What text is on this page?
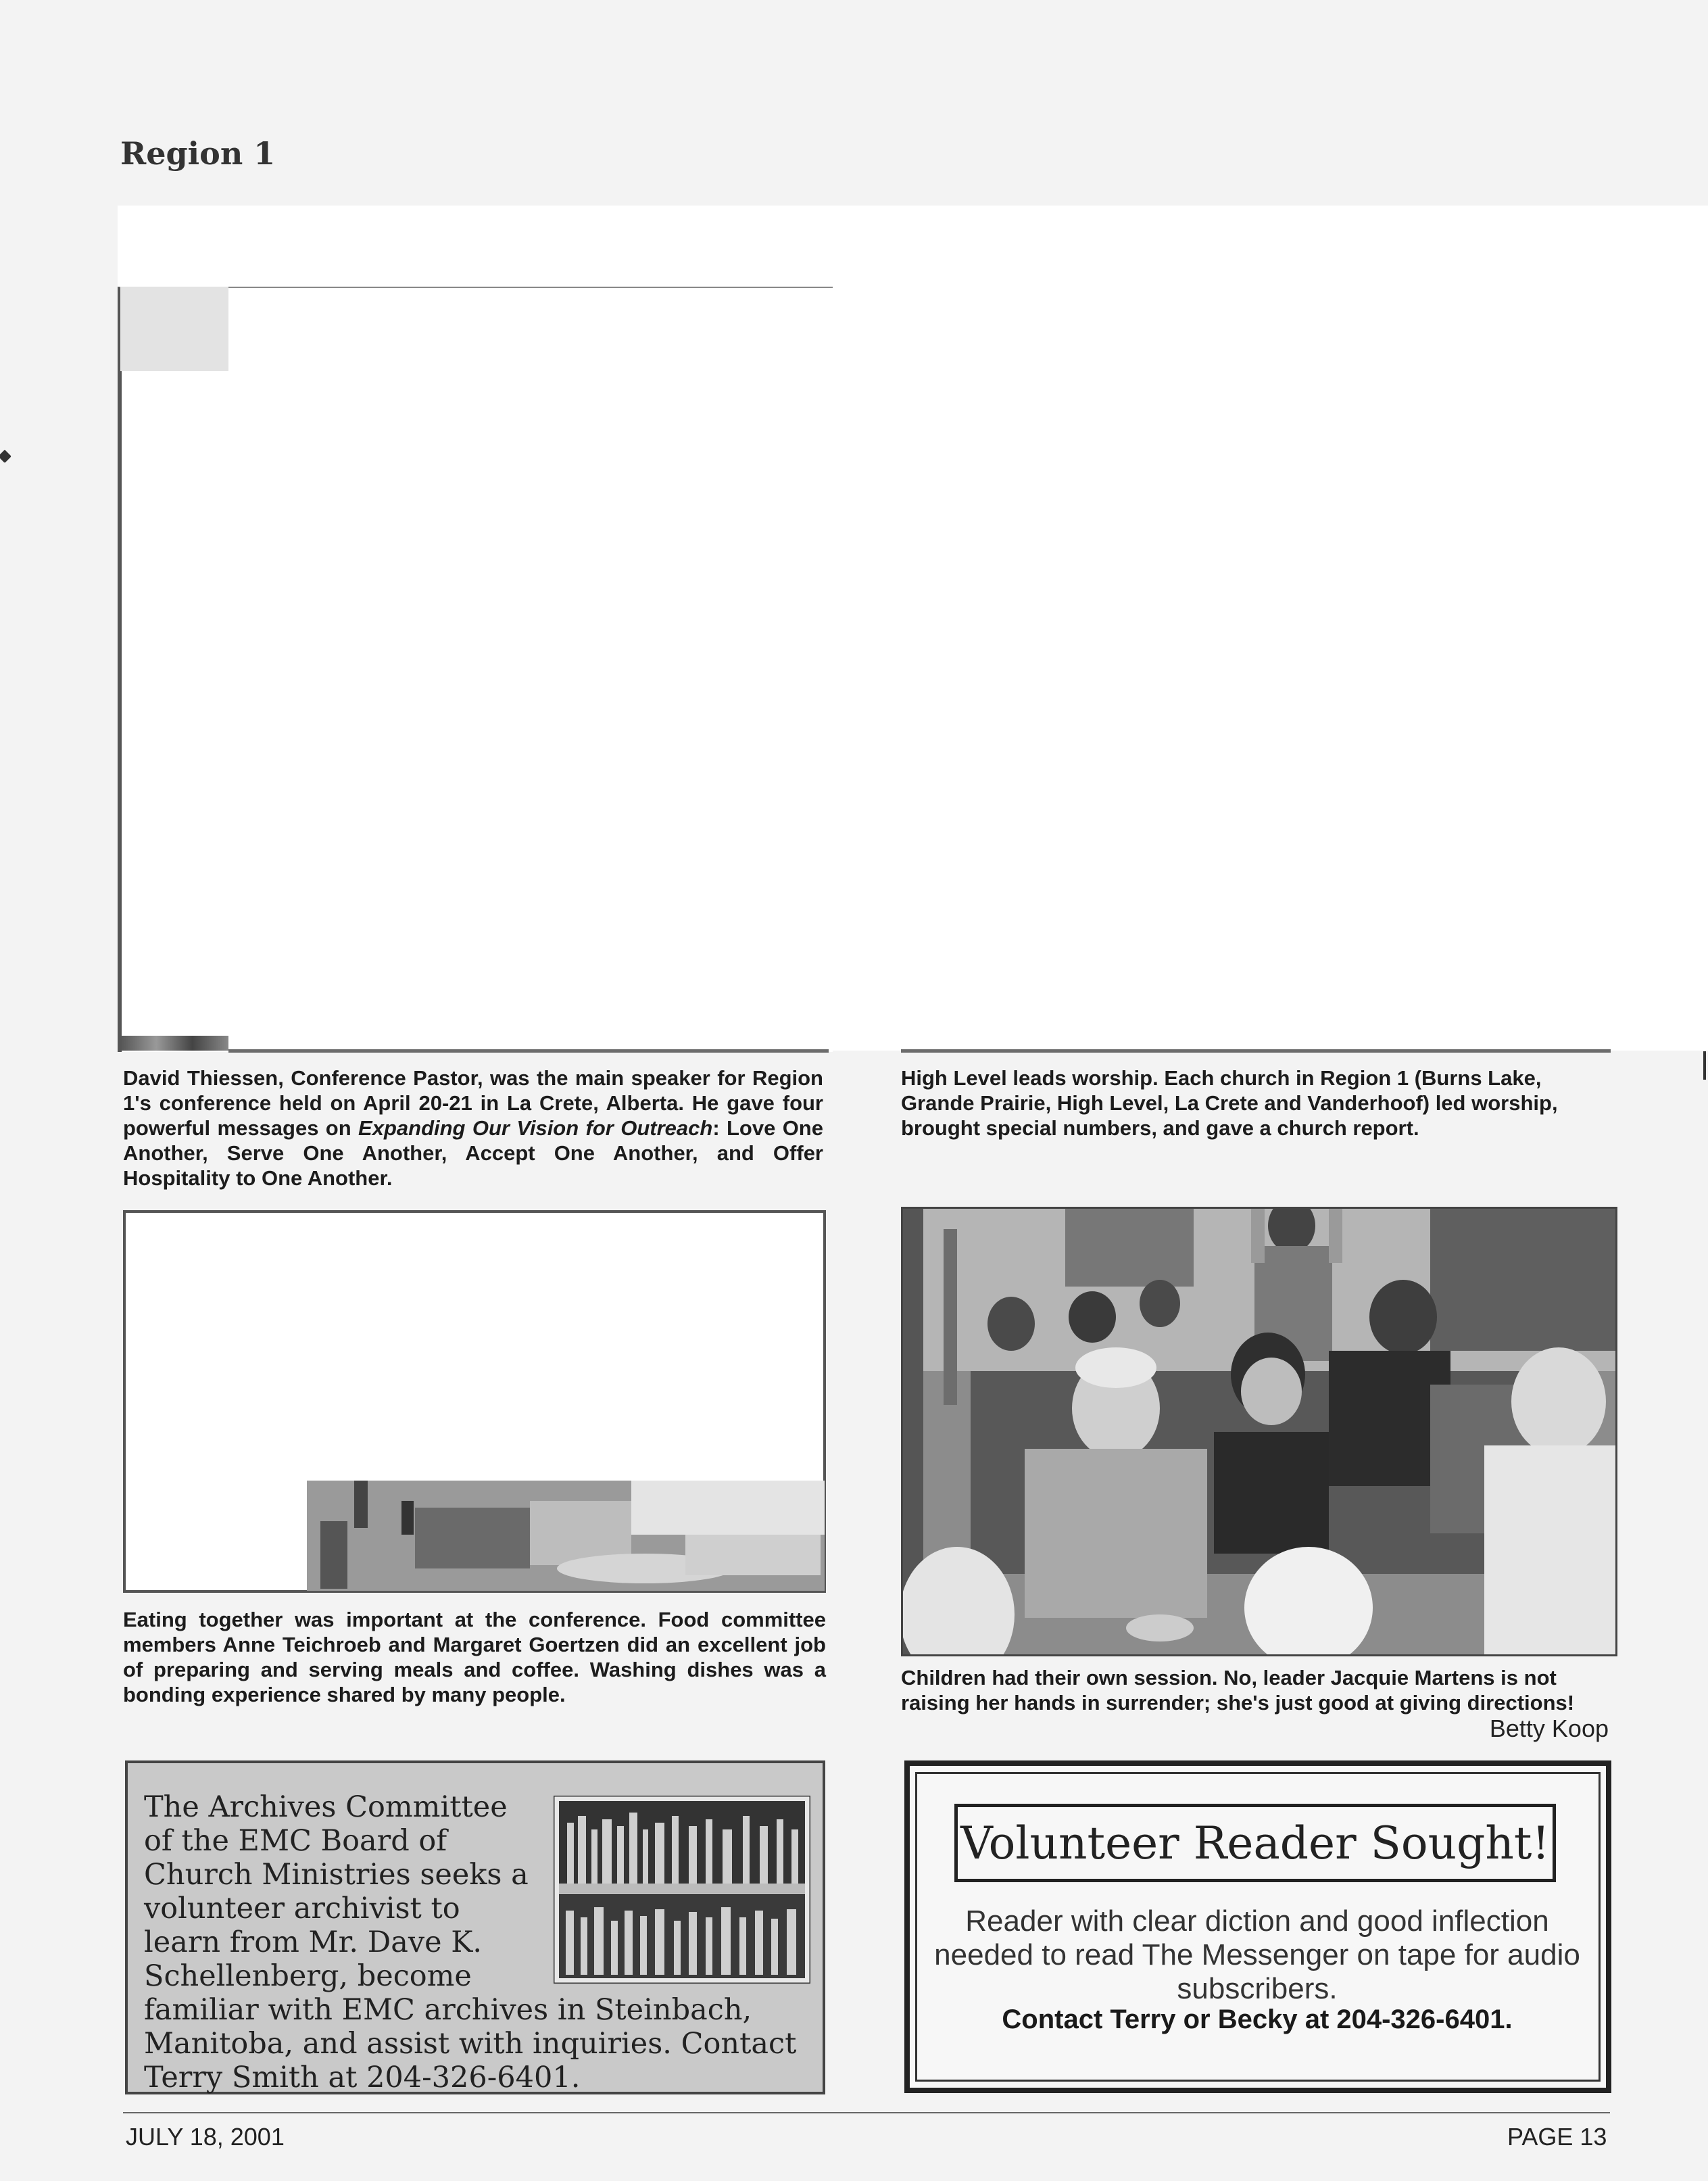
Region 1

David Thiessen, Conference Pastor, was the main speaker for Region 1's conference held on April 20-21 in La Crete, Alberta. He gave four powerful messages on Expanding Our Vision for Outreach: Love One Another, Serve One Another, Accept One Another, and Offer Hospitality to One Another.
High Level leads worship. Each church in Region 1 (Burns Lake, Grande Prairie, High Level, La Crete and Vanderhoof) led worship, brought special numbers, and gave a church report.
Eating together was important at the conference. Food committee members Anne Teichroeb and Margaret Goertzen did an excellent job of preparing and serving meals and coffee. Washing dishes was a bonding experience shared by many people.
Children had their own session. No, leader Jacquie Martens is not raising her hands in surrender; she's just good at giving directions!
Betty Koop
The Archives Committee of the EMC Board of Church Ministries seeks a volunteer archivist to learn from Mr. Dave K. Schellenberg, become familiar with EMC archives in Steinbach, Manitoba, and assist with inquiries. Contact Terry Smith at 204-326-6401.
Volunteer Reader Sought!
Reader with clear diction and good inflection needed to read The Messenger on tape for audio subscribers.
Contact Terry or Becky at 204-326-6401.
JULY 18, 2001	PAGE 13
